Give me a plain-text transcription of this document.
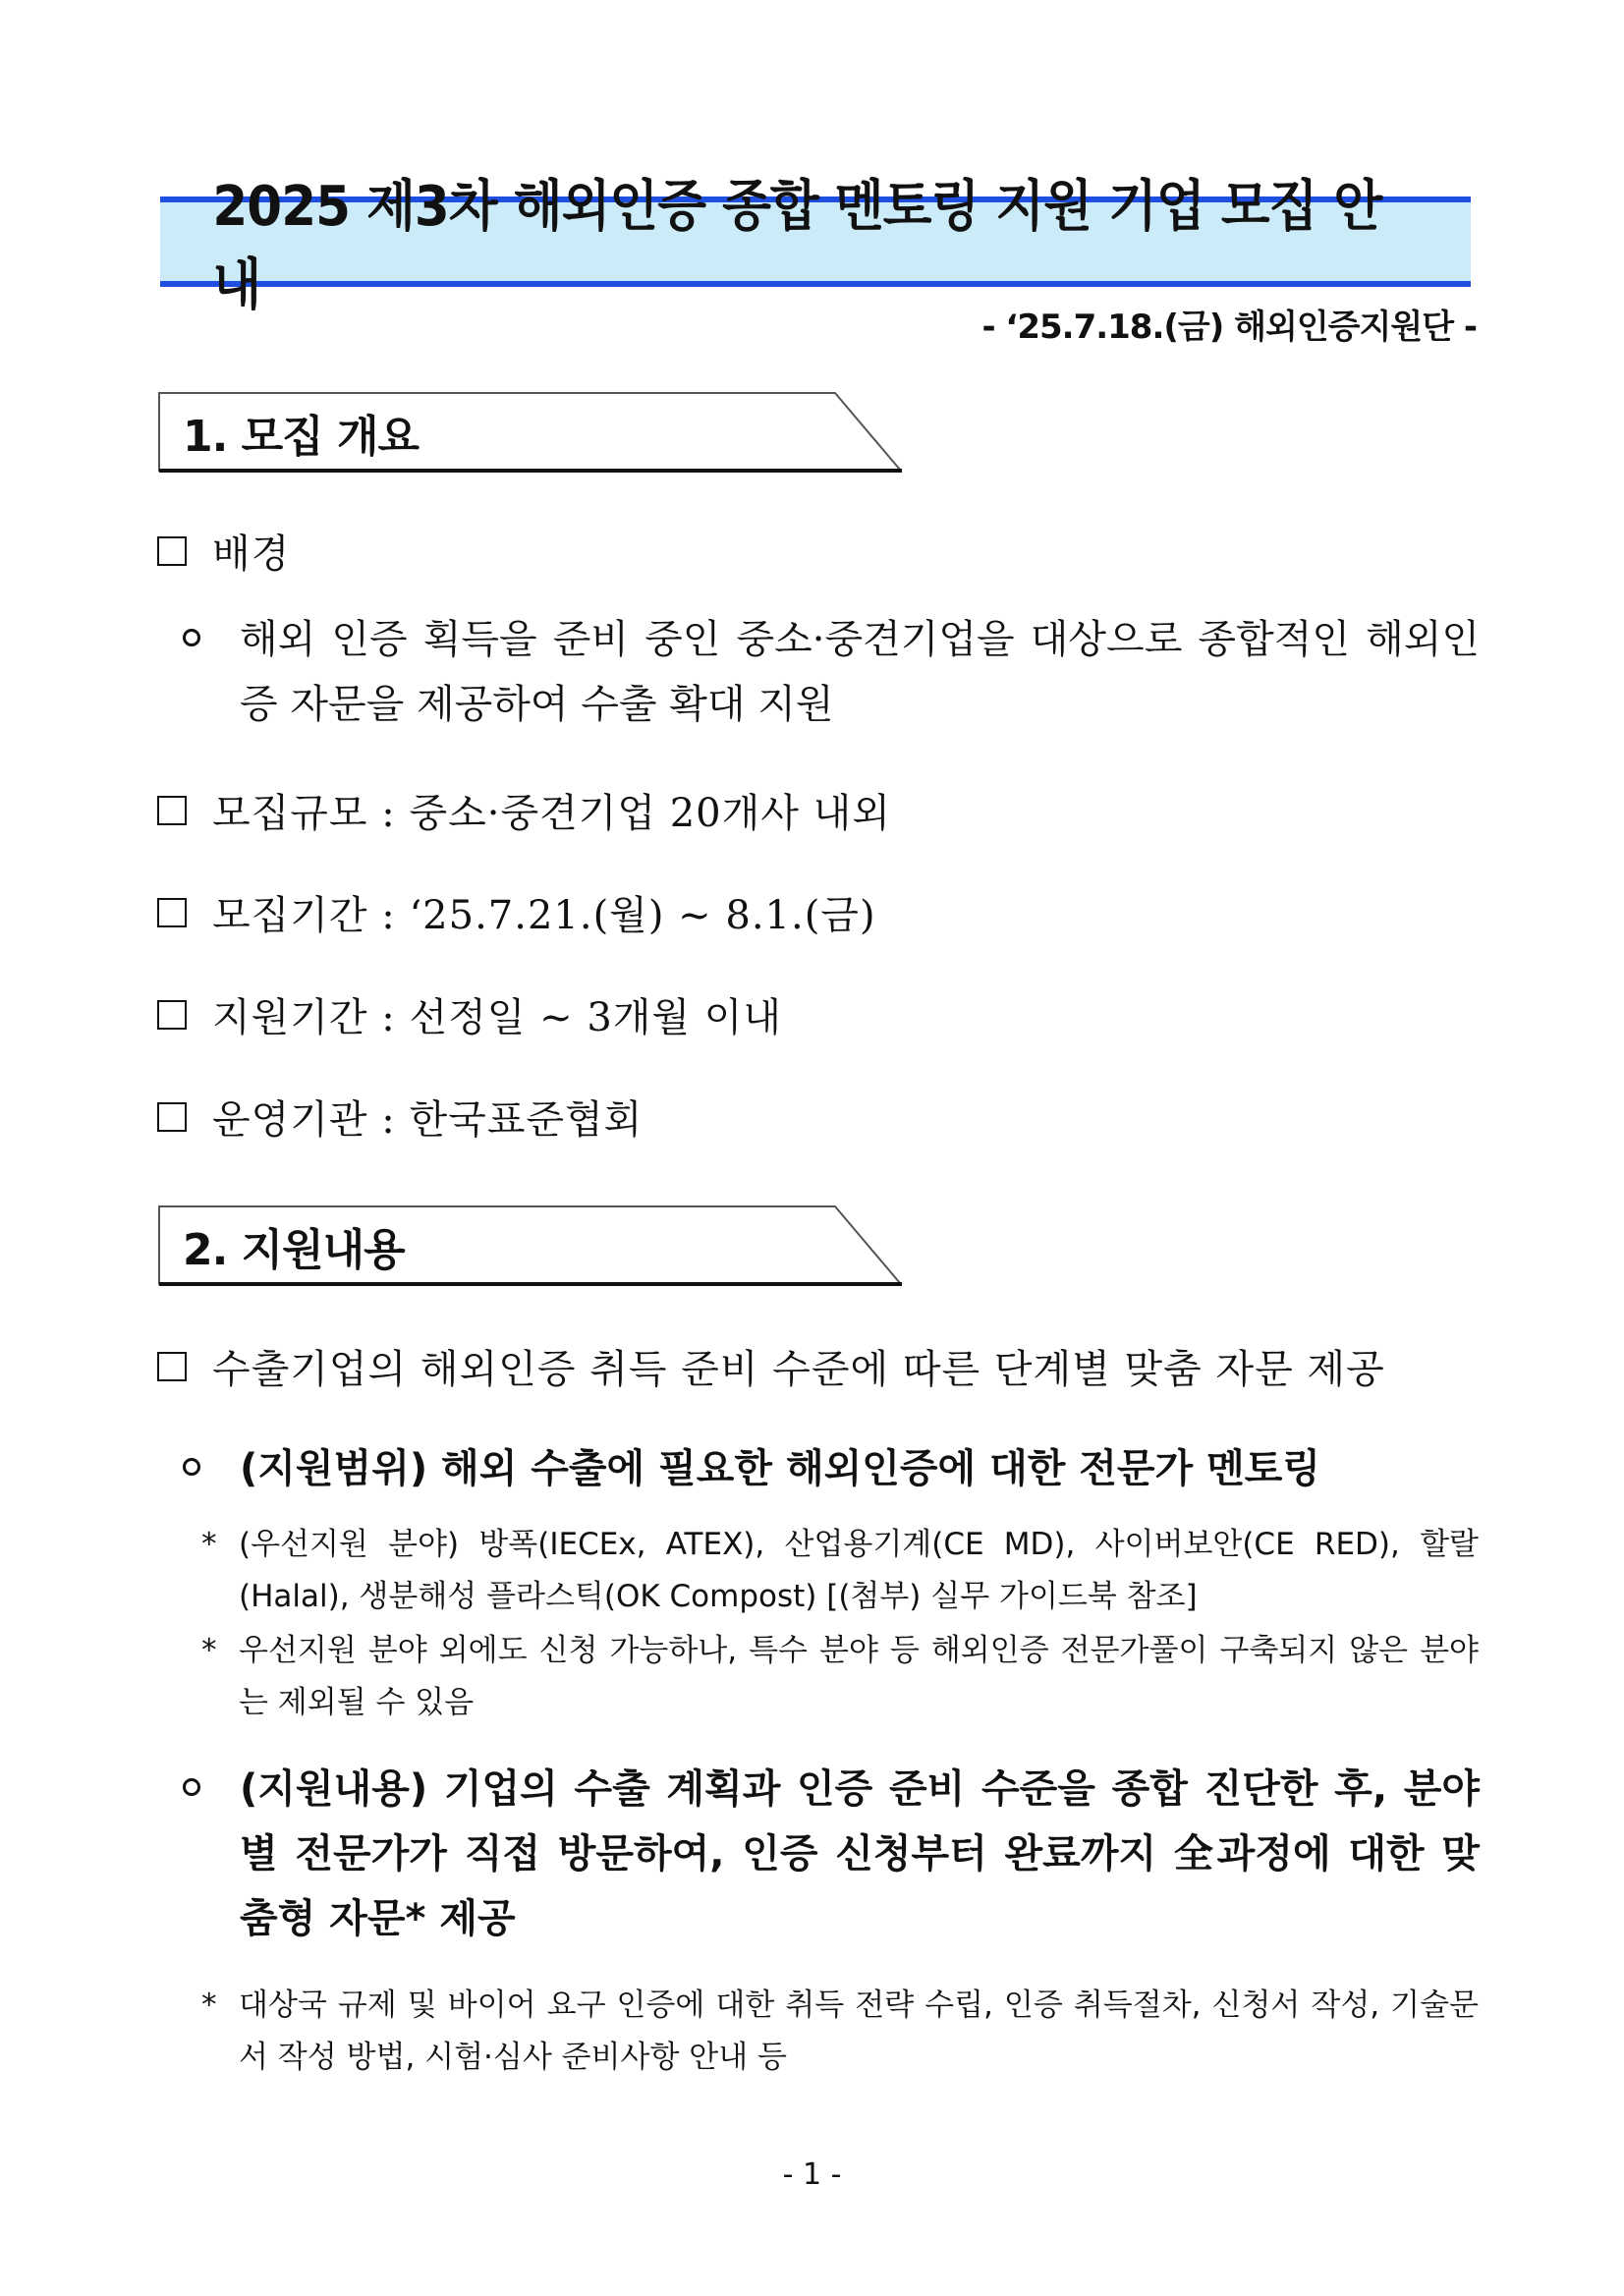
2025 제3차 해외인증 종합 멘토링 지원 기업 모집 안내
- ‘25.7.18.(금) 해외인증지원단 -
1. 모집 개요
배경
해외 인증 획득을 준비 중인 중소·중견기업을 대상으로 종합적인 해외인증 자문을 제공하여 수출 확대 지원
모집규모 : 중소·중견기업 20개사 내외
모집기간 : ‘25.7.21.(월) ~ 8.1.(금)
지원기간 : 선정일 ~ 3개월 이내
운영기관 : 한국표준협회
2. 지원내용
수출기업의 해외인증 취득 준비 수준에 따른 단계별 맞춤 자문 제공
(지원범위) 해외 수출에 필요한 해외인증에 대한 전문가 멘토링
* (우선지원 분야) 방폭(IECEx, ATEX), 산업용기계(CE MD), 사이버보안(CE RED), 할랄 (Halal), 생분해성 플라스틱(OK Compost) [(첨부) 실무 가이드북 참조]
* 우선지원 분야 외에도 신청 가능하나, 특수 분야 등 해외인증 전문가풀이 구축되지 않은 분야는 제외될 수 있음
(지원내용) 기업의 수출 계획과 인증 준비 수준을 종합 진단한 후, 분야별 전문가가 직접 방문하여, 인증 신청부터 완료까지 全과정에 대한 맞춤형 자문* 제공
* 대상국 규제 및 바이어 요구 인증에 대한 취득 전략 수립, 인증 취득절차, 신청서 작성, 기술문서 작성 방법, 시험·심사 준비사항 안내 등
- 1 -
